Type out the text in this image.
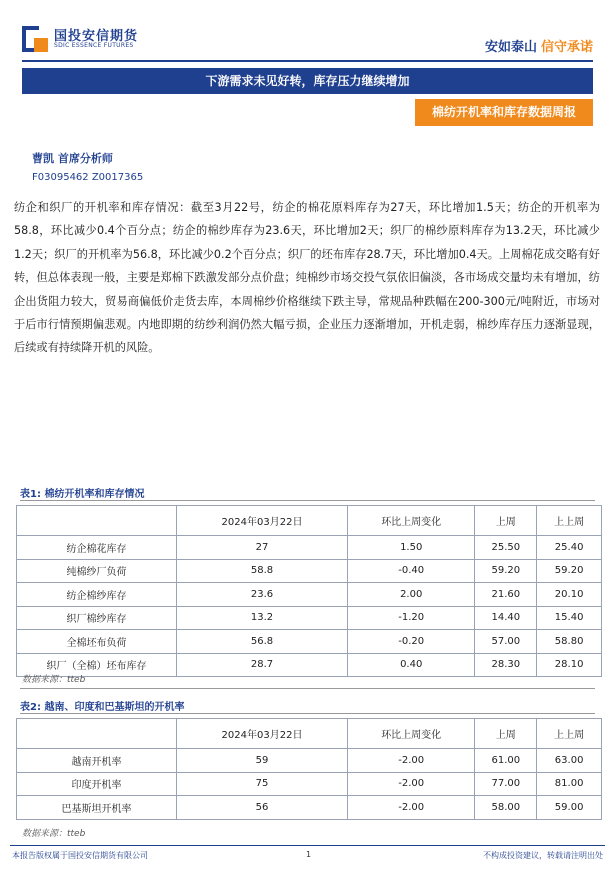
国投安信期货
SDIC ESSENCE FUTURES	安如泰山 信守承诺
下游需求未见好转，库存压力继续增加
棉纺开机率和库存数据周报
曹凯 首席分析师
F03095462 Z0017365
纺企和织厂的开机率和库存情况：截至3月22号，纺企的棉花原料库存为27天，环比增加1.5天；纺企的开机率为58.8，环比减少0.4个百分点；纺企的棉纱库存为23.6天，环比增加2天；织厂的棉纱原料库存为13.2天，环比减少1.2天；织厂的开机率为56.8，环比减少0.2个百分点；织厂的坯布库存28.7天，环比增加0.4天。上周棉花成交略有好转，但总体表现一般，主要是郑棉下跌激发部分点价盘；纯棉纱市场交投气氛依旧偏淡，各市场成交量均未有增加，纺企出货阻力较大，贸易商偏低价走货去库，本周棉纱价格继续下跌主导，常规品种跌幅在200-300元/吨附近，市场对于后市行情预期偏悲观。内地即期的纺纱利润仍然大幅亏损，企业压力逐渐增加，开机走弱，棉纱库存压力逐渐显现，后续或有持续降开机的风险。
表1: 棉纺开机率和库存情况
	2024年03月22日	环比上周变化	上周	上上周
纺企棉花库存	27	1.50	25.50	25.40
纯棉纱厂负荷	58.8	-0.40	59.20	59.20
纺企棉纱库存	23.6	2.00	21.60	20.10
织厂棉纱库存	13.2	-1.20	14.40	15.40
全棉坯布负荷	56.8	-0.20	57.00	58.80
织厂（全棉）坯布库存	28.7	0.40	28.30	28.10
数据来源：tteb
表2: 越南、印度和巴基斯坦的开机率
	2024年03月22日	环比上周变化	上周	上上周
越南开机率	59	-2.00	61.00	63.00
印度开机率	75	-2.00	77.00	81.00
巴基斯坦开机率	56	-2.00	58.00	59.00
数据来源：tteb
本报告版权属于国投安信期货有限公司	1	不构成投资建议，转载请注明出处
